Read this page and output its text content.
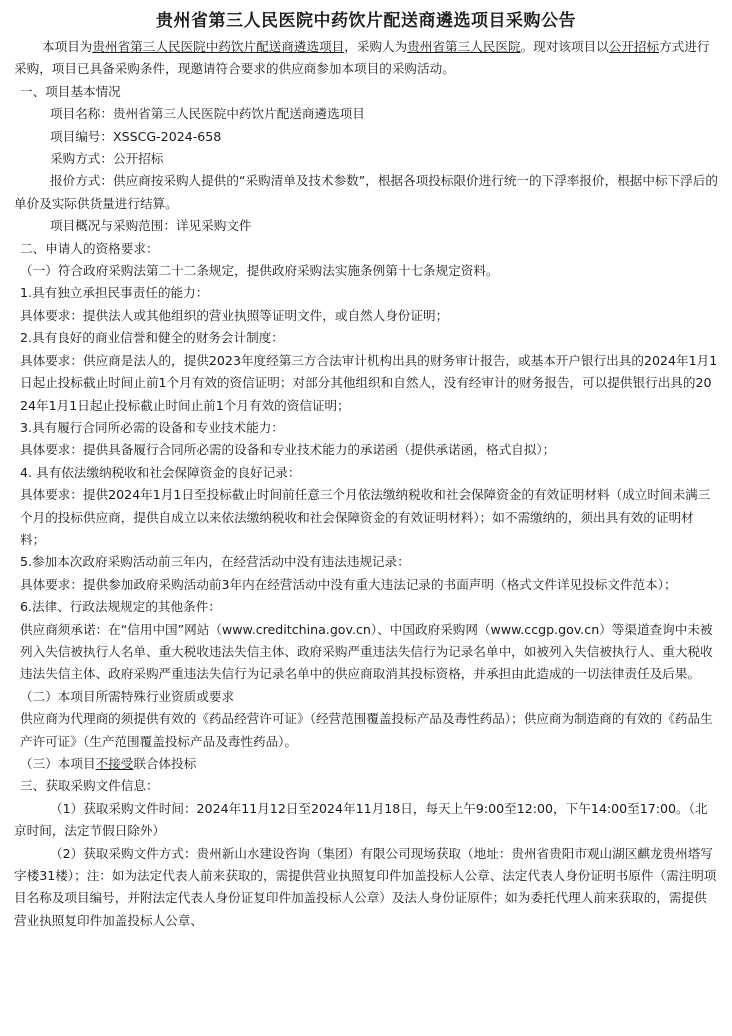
贵州省第三人民医院中药饮片配送商遴选项目采购公告

本项目为贵州省第三人民医院中药饮片配送商遴选项目，采购人为贵州省第三人民医院。现对该项目以公开招标方式进行采购，项目已具备采购条件，现邀请符合要求的供应商参加本项目的采购活动。

一、项目基本情况

项目名称：贵州省第三人民医院中药饮片配送商遴选项目

项目编号：XSSCG-2024-658

采购方式：公开招标

报价方式：供应商按采购人提供的“采购清单及技术参数”，根据各项投标限价进行统一的下浮率报价，根据中标下浮后的单价及实际供货量进行结算。

项目概况与采购范围：详见采购文件

二、申请人的资格要求：

（一）符合政府采购法第二十二条规定，提供政府采购法实施条例第十七条规定资料。

1.具有独立承担民事责任的能力：

具体要求：提供法人或其他组织的营业执照等证明文件，或自然人身份证明；

2.具有良好的商业信誉和健全的财务会计制度：

具体要求：供应商是法人的，提供2023年度经第三方合法审计机构出具的财务审计报告，或基本开户银行出具的2024年1月1日起止投标截止时间止前1个月有效的资信证明；对部分其他组织和自然人，没有经审计的财务报告，可以提供银行出具的2024年1月1日起止投标截止时间止前1个月有效的资信证明；

3.具有履行合同所必需的设备和专业技术能力：

具体要求：提供具备履行合同所必需的设备和专业技术能力的承诺函（提供承诺函，格式自拟）；

4. 具有依法缴纳税收和社会保障资金的良好记录：

具体要求：提供2024年1月1日至投标截止时间前任意三个月依法缴纳税收和社会保障资金的有效证明材料（成立时间未满三个月的投标供应商，提供自成立以来依法缴纳税收和社会保障资金的有效证明材料）；如不需缴纳的，须出具有效的证明材料；

5.参加本次政府采购活动前三年内，在经营活动中没有违法违规记录：

具体要求：提供参加政府采购活动前3年内在经营活动中没有重大违法记录的书面声明（格式文件详见投标文件范本）；

6.法律、行政法规规定的其他条件：

供应商须承诺：在“信用中国”网站（www.creditchina.gov.cn）、中国政府采购网（www.ccgp.gov.cn）等渠道查询中未被列入失信被执行人名单、重大税收违法失信主体、政府采购严重违法失信行为记录名单中，如被列入失信被执行人、重大税收违法失信主体、政府采购严重违法失信行为记录名单中的供应商取消其投标资格，并承担由此造成的一切法律责任及后果。

（二）本项目所需特殊行业资质或要求

供应商为代理商的须提供有效的《药品经营许可证》（经营范围覆盖投标产品及毒性药品）；供应商为制造商的有效的《药品生产许可证》（生产范围覆盖投标产品及毒性药品）。

（三）本项目不接受联合体投标

三、获取采购文件信息：

（1）获取采购文件时间：2024年11月12日至2024年11月18日，每天上午9:00至12:00，下午14:00至17:00。（北京时间，法定节假日除外）

（2）获取采购文件方式：贵州新山水建设咨询（集团）有限公司现场获取（地址：贵州省贵阳市观山湖区麒龙贵州塔写字楼31楼）；注：如为法定代表人前来获取的，需提供营业执照复印件加盖投标人公章、法定代表人身份证明书原件（需注明项目名称及项目编号，并附法定代表人身份证复印件加盖投标人公章）及法人身份证原件；如为委托代理人前来获取的，需提供营业执照复印件加盖投标人公章、
